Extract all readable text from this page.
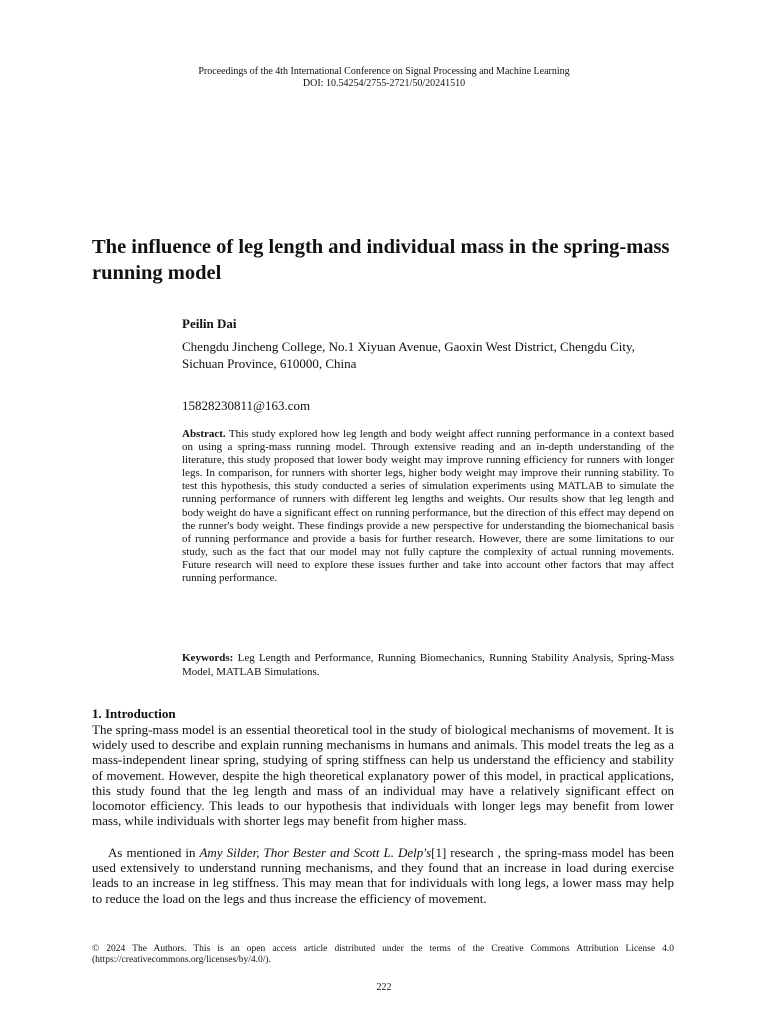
Proceedings of the 4th International Conference on Signal Processing and Machine Learning
DOI: 10.54254/2755-2721/50/20241510
The influence of leg length and individual mass in the spring-mass running model
Peilin Dai
Chengdu Jincheng College, No.1 Xiyuan Avenue, Gaoxin West District, Chengdu City, Sichuan Province, 610000, China
15828230811@163.com

Abstract. This study explored how leg length and body weight affect running performance in a context based on using a spring-mass running model. Through extensive reading and an in-depth understanding of the literature, this study proposed that lower body weight may improve running efficiency for runners with longer legs. In comparison, for runners with shorter legs, higher body weight may improve their running stability. To test this hypothesis, this study conducted a series of simulation experiments using MATLAB to simulate the running performance of runners with different leg lengths and weights. Our results show that leg length and body weight do have a significant effect on running performance, but the direction of this effect may depend on the runner's body weight. These findings provide a new perspective for understanding the biomechanical basis of running performance and provide a basis for further research. However, there are some limitations to our study, such as the fact that our model may not fully capture the complexity of actual running movements. Future research will need to explore these issues further and take into account other factors that may affect running performance.

Keywords: Leg Length and Performance, Running Biomechanics, Running Stability Analysis, Spring-Mass Model, MATLAB Simulations.

1. Introduction

The spring-mass model is an essential theoretical tool in the study of biological mechanisms of movement. It is widely used to describe and explain running mechanisms in humans and animals. This model treats the leg as a mass-independent linear spring, studying of spring stiffness can help us understand the efficiency and stability of movement. However, despite the high theoretical explanatory power of this model, in practical applications, this study found that the leg length and mass of an individual may have a relatively significant effect on locomotor efficiency. This leads to our hypothesis that individuals with longer legs may benefit from lower mass, while individuals with shorter legs may benefit from higher mass.

As mentioned in Amy Silder, Thor Bester and Scott L. Delp's[1] research , the spring-mass model has been used extensively to understand running mechanisms, and they found that an increase in load during exercise leads to an increase in leg stiffness. This may mean that for individuals with long legs, a lower mass may help to reduce the load on the legs and thus increase the efficiency of movement.

© 2024 The Authors. This is an open access article distributed under the terms of the Creative Commons Attribution License 4.0 (https://creativecommons.org/licenses/by/4.0/).

222
